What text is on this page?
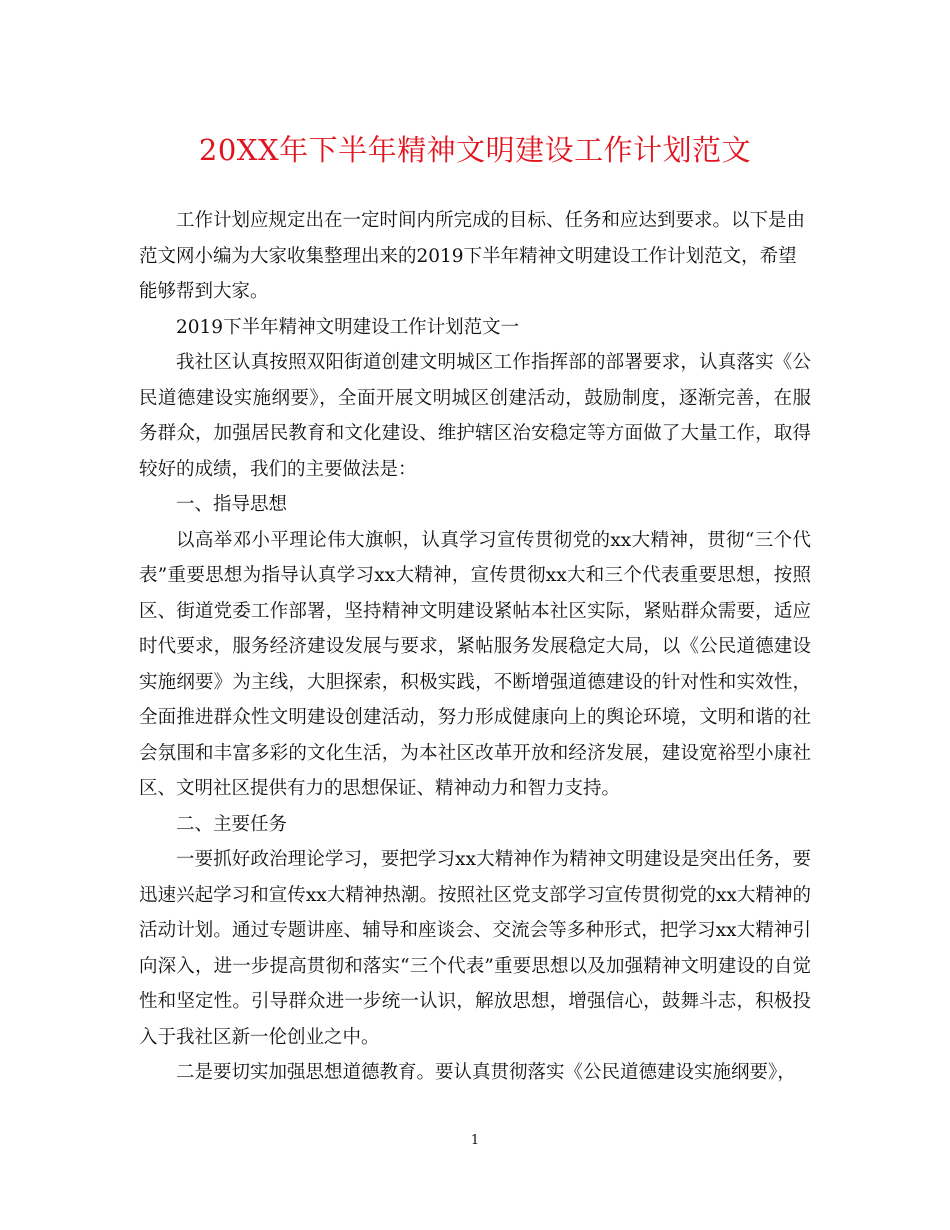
20XX年下半年精神文明建设工作计划范文

工作计划应规定出在一定时间内所完成的目标、任务和应达到要求。以下是由范文网小编为大家收集整理出来的2019下半年精神文明建设工作计划范文，希望能够帮到大家。

2019下半年精神文明建设工作计划范文一

我社区认真按照双阳街道创建文明城区工作指挥部的部署要求，认真落实《公民道德建设实施纲要》，全面开展文明城区创建活动，鼓励制度，逐渐完善，在服务群众，加强居民教育和文化建设、维护辖区治安稳定等方面做了大量工作，取得较好的成绩，我们的主要做法是：

一、指导思想

以高举邓小平理论伟大旗帜，认真学习宣传贯彻党的xx大精神，贯彻“三个代表”重要思想为指导认真学习xx大精神，宣传贯彻xx大和三个代表重要思想，按照区、街道党委工作部署，坚持精神文明建设紧帖本社区实际，紧贴群众需要，适应时代要求，服务经济建设发展与要求，紧帖服务发展稳定大局，以《公民道德建设实施纲要》为主线，大胆探索，积极实践，不断增强道德建设的针对性和实效性，全面推进群众性文明建设创建活动，努力形成健康向上的舆论环境，文明和谐的社会氛围和丰富多彩的文化生活，为本社区改革开放和经济发展，建设宽裕型小康社区、文明社区提供有力的思想保证、精神动力和智力支持。

二、主要任务

一要抓好政治理论学习，要把学习xx大精神作为精神文明建设是突出任务，要迅速兴起学习和宣传xx大精神热潮。按照社区党支部学习宣传贯彻党的xx大精神的活动计划。通过专题讲座、辅导和座谈会、交流会等多种形式，把学习xx大精神引向深入，进一步提高贯彻和落实“三个代表”重要思想以及加强精神文明建设的自觉性和坚定性。引导群众进一步统一认识，解放思想，增强信心，鼓舞斗志，积极投入于我社区新一伦创业之中。

二是要切实加强思想道德教育。要认真贯彻落实《公民道德建设实施纲要》，

1
